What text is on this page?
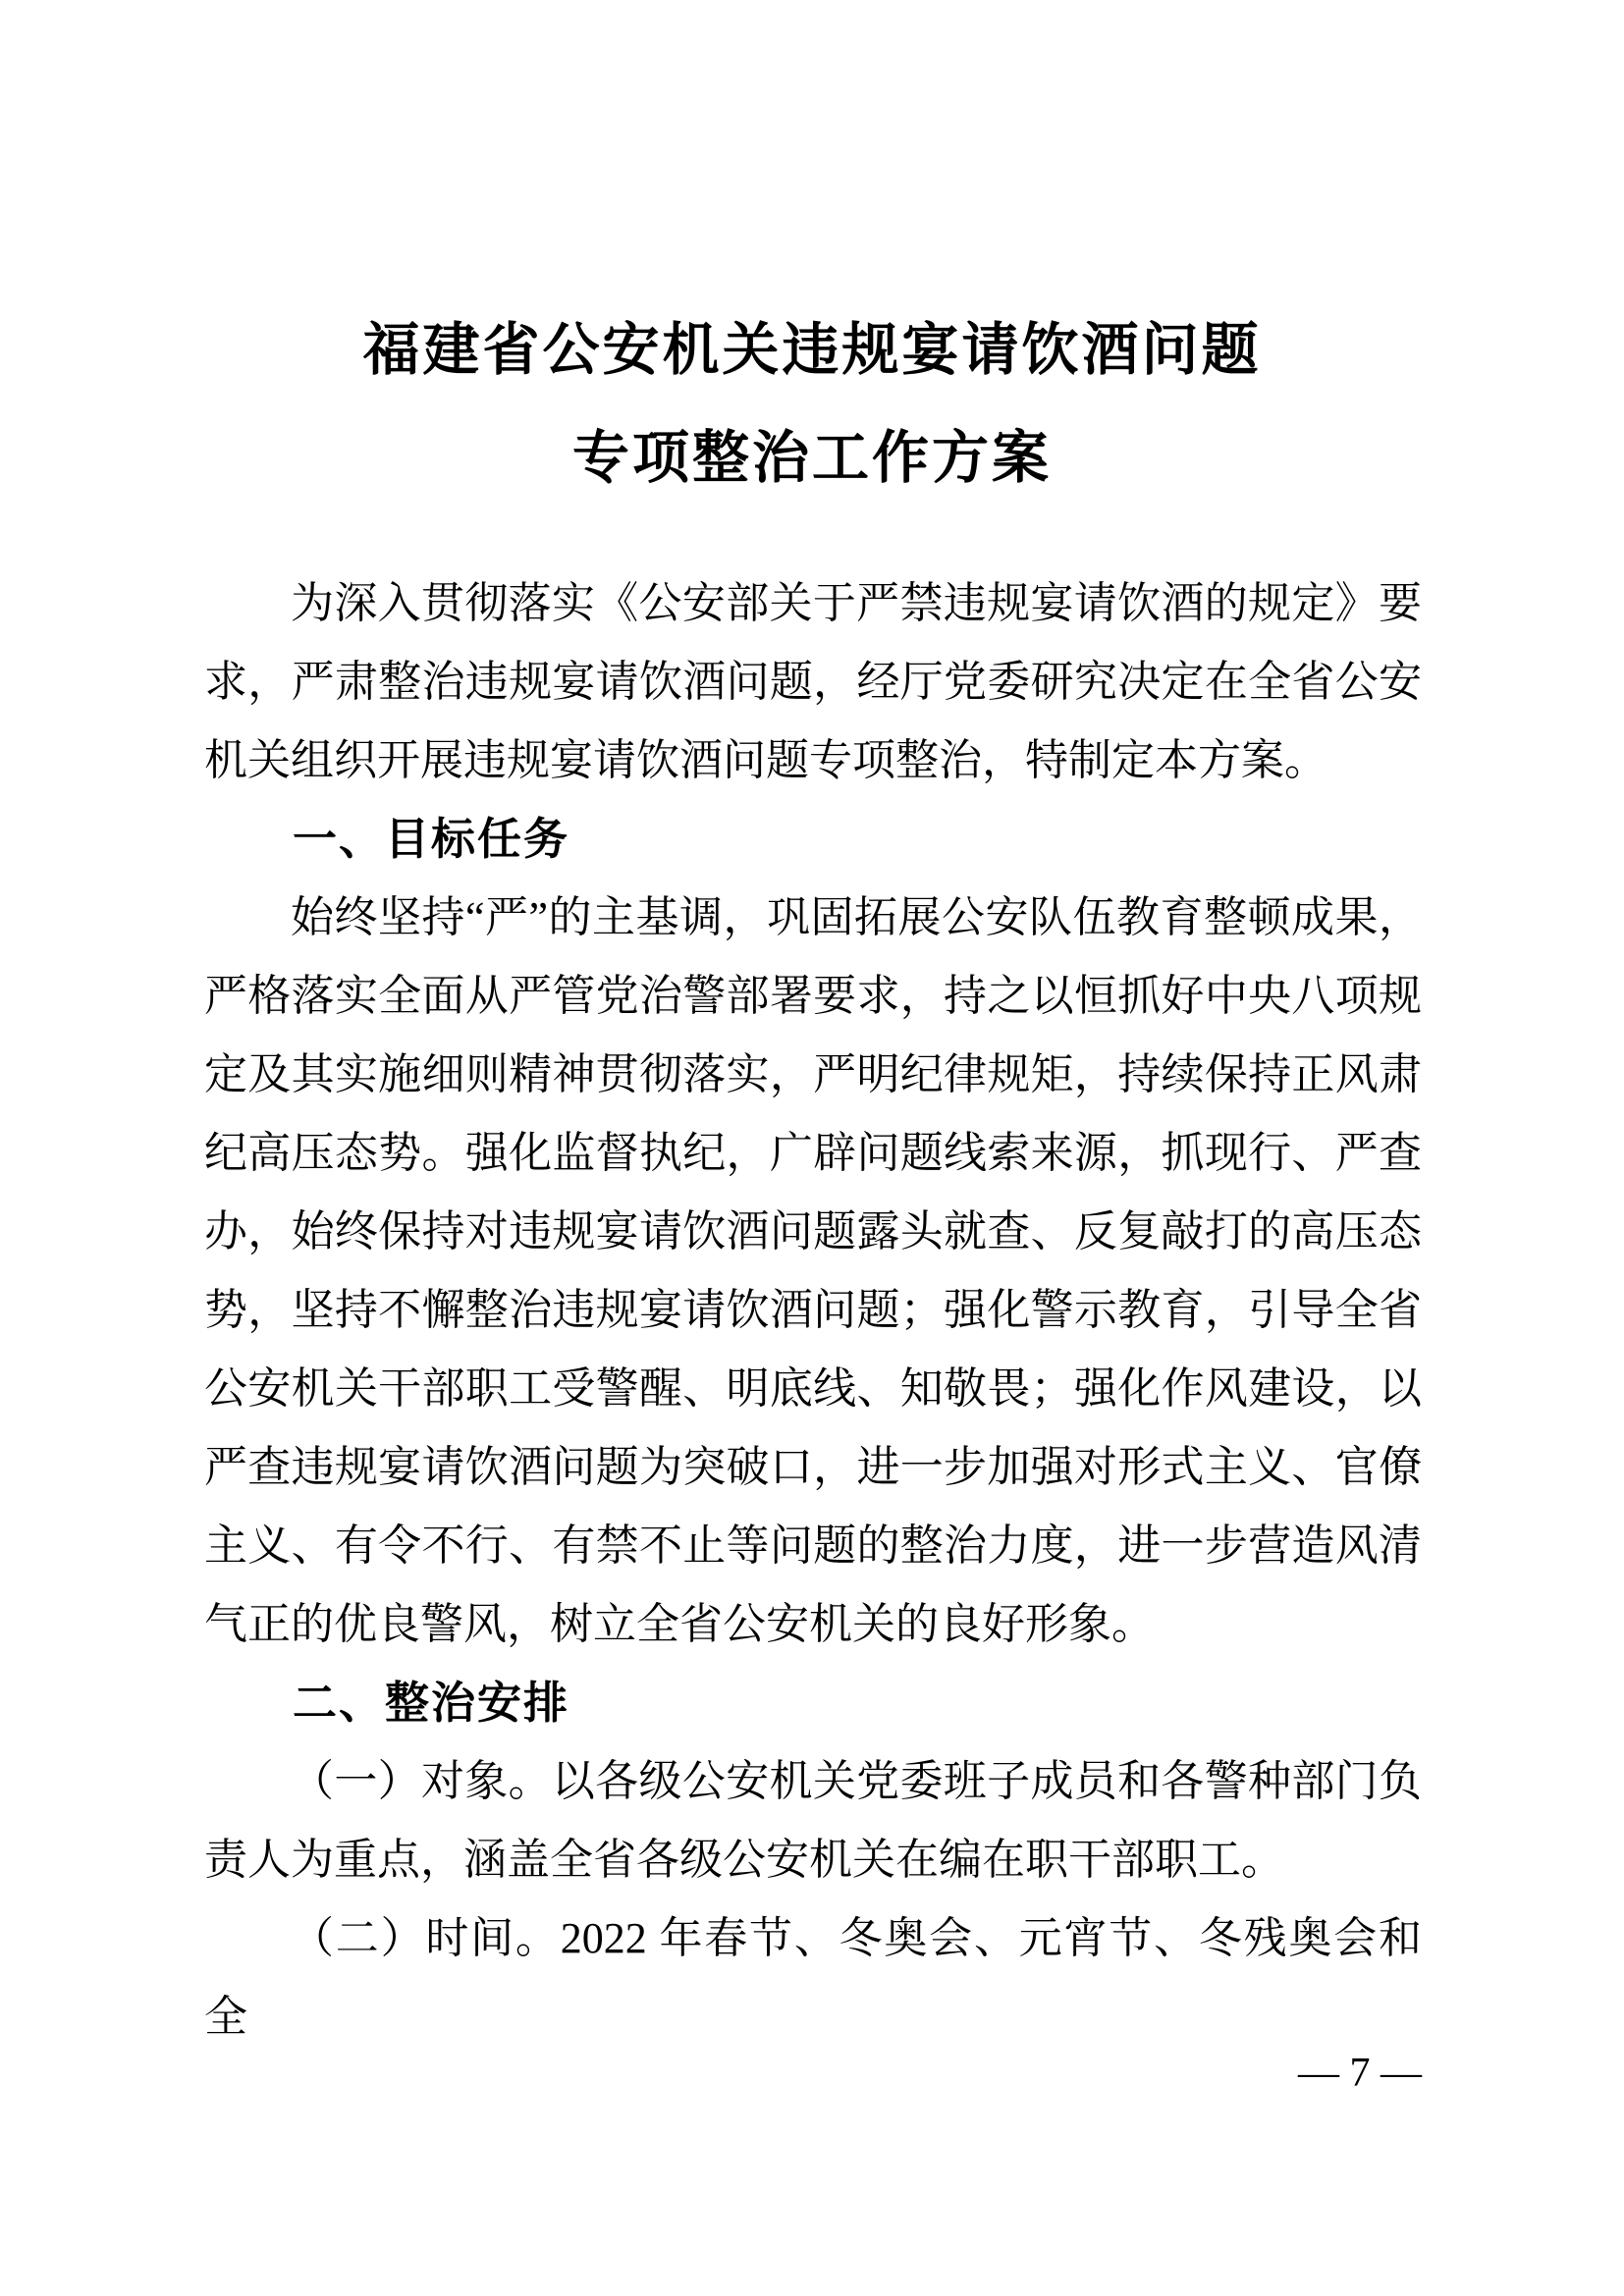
福建省公安机关违规宴请饮酒问题
专项整治工作方案
为深入贯彻落实《公安部关于严禁违规宴请饮酒的规定》要
求，严肃整治违规宴请饮酒问题，经厅党委研究决定在全省公安
机关组织开展违规宴请饮酒问题专项整治，特制定本方案。
一、目标任务
始终坚持“严”的主基调，巩固拓展公安队伍教育整顿成果，
严格落实全面从严管党治警部署要求，持之以恒抓好中央八项规
定及其实施细则精神贯彻落实，严明纪律规矩，持续保持正风肃
纪高压态势。强化监督执纪，广辟问题线索来源，抓现行、严查
办，始终保持对违规宴请饮酒问题露头就查、反复敲打的高压态
势，坚持不懈整治违规宴请饮酒问题；强化警示教育，引导全省
公安机关干部职工受警醒、明底线、知敬畏；强化作风建设，以
严查违规宴请饮酒问题为突破口，进一步加强对形式主义、官僚
主义、有令不行、有禁不止等问题的整治力度，进一步营造风清
气正的优良警风，树立全省公安机关的良好形象。
二、整治安排
（一）对象。以各级公安机关党委班子成员和各警种部门负
责人为重点，涵盖全省各级公安机关在编在职干部职工。
（二）时间。2022 年春节、冬奥会、元宵节、冬残奥会和全
— 7 —
